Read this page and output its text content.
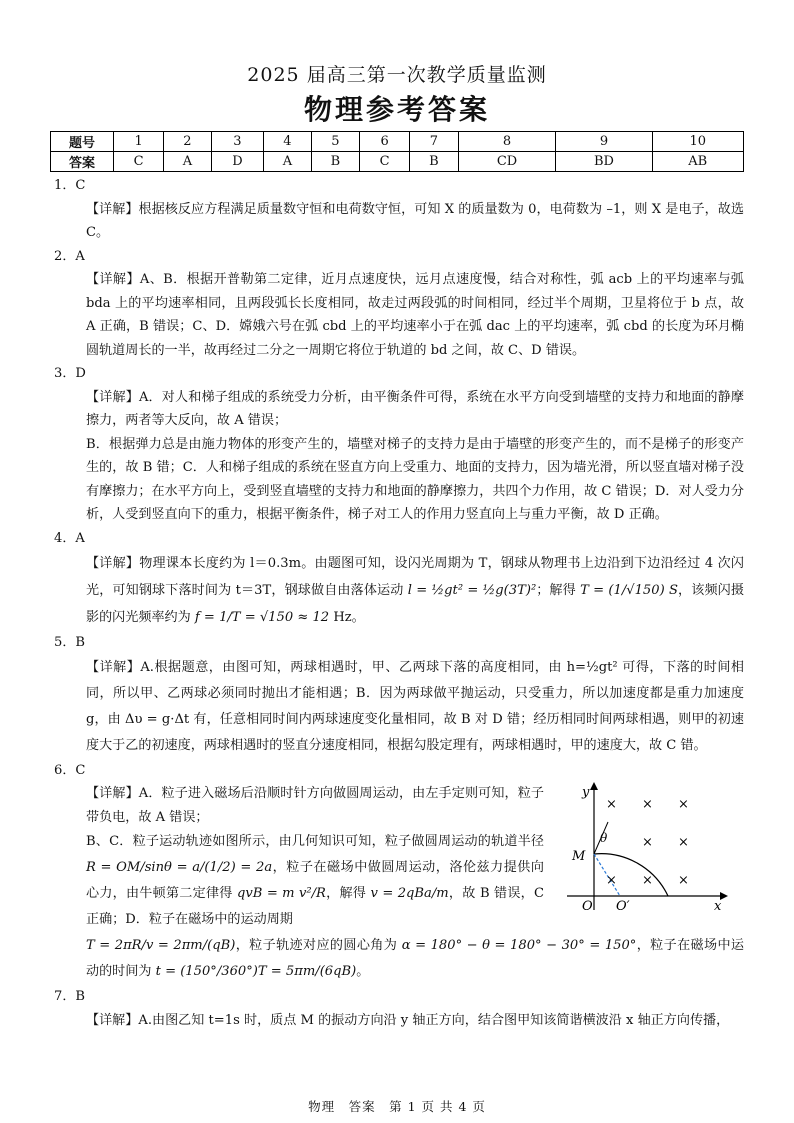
2025 届高三第一次教学质量监测
物理参考答案
题号	1	2	3	4	5	6	7	8	9	10
答案	C	A	D	A	B	C	B	CD	BD	AB

1．C

【详解】根据核反应方程满足质量数守恒和电荷数守恒，可知 X 的质量数为 0，电荷数为 –1，则 X 是电子，故选 C。

2．A

【详解】A、B．根据开普勒第二定律，近月点速度快，远月点速度慢，结合对称性，弧 acb 上的平均速率与弧 bda 上的平均速率相同，且两段弧长长度相同，故走过两段弧的时间相同，经过半个周期，卫星将位于 b 点，故 A 正确，B 错误；C、D．嫦娥六号在弧 cbd 上的平均速率小于在弧 dac 上的平均速率，弧 cbd 的长度为环月椭圆轨道周长的一半，故再经过二分之一周期它将位于轨道的 bd 之间，故 C、D 错误。

3．D

【详解】A．对人和梯子组成的系统受力分析，由平衡条件可得，系统在水平方向受到墙壁的支持力和地面的静摩擦力，两者等大反向，故 A 错误；

B．根据弹力总是由施力物体的形变产生的，墙壁对梯子的支持力是由于墙壁的形变产生的，而不是梯子的形变产生的，故 B 错；C．人和梯子组成的系统在竖直方向上受重力、地面的支持力，因为墙光滑，所以竖直墙对梯子没有摩擦力；在水平方向上，受到竖直墙壁的支持力和地面的静摩擦力，共四个力作用，故 C 错误；D．对人受力分析，人受到竖直向下的重力，根据平衡条件，梯子对工人的作用力竖直向上与重力平衡，故 D 正确。

4．A

【详解】物理课本长度约为 l＝0.3m。由题图可知，设闪光周期为 T，钢球从物理书上边沿到下边沿经过 4 次闪光，可知钢球下落时间为 t＝3T，钢球做自由落体运动 l = ½gt² = ½g(3T)²；解得 T = (1/√150) S，该频闪摄影的闪光频率约为 f = 1/T = √150 ≈ 12 Hz。

5．B

【详解】A.根据题意，由图可知，两球相遇时，甲、乙两球下落的高度相同，由 h=½gt² 可得，下落的时间相同，所以甲、乙两球必须同时抛出才能相遇；B．因为两球做平抛运动，只受重力，所以加速度都是重力加速度 g，由 Δυ = g·Δt 有，任意相同时间内两球速度变化量相同，故 B 对 D 错；经历相同时间两球相遇，则甲的初速度大于乙的初速度，两球相遇时的竖直分速度相同，根据勾股定理有，两球相遇时，甲的速度大，故 C 错。

6．C

【详解】A．粒子进入磁场后沿顺时针方向做圆周运动，由左手定则可知，粒子带负电，故 A 错误；

B、C．粒子运动轨迹如图所示，由几何知识可知，粒子做圆周运动的轨道半径 R = OM/sinθ = a/(1/2) = 2a，粒子在磁场中做圆周运动，洛伦兹力提供向心力，由牛顿第二定律得 qvB = m v²/R，解得 v = 2qBa/m，故 B 错误，C 正确；D．粒子在磁场中的运动周期

θ
y
x
M
O O′
× × ×
× ×
× × ×

T = 2πR/v = 2πm/(qB)，粒子轨迹对应的圆心角为 α = 180° − θ = 180° − 30° = 150°，粒子在磁场中运动的时间为 t = (150°/360°)T = 5πm/(6qB)。

7．B

【详解】A.由图乙知 t=1s 时，质点 M 的振动方向沿 y 轴正方向，结合图甲知该简谐横波沿 x 轴正方向传播，

物理　答案　第 1 页 共 4 页
